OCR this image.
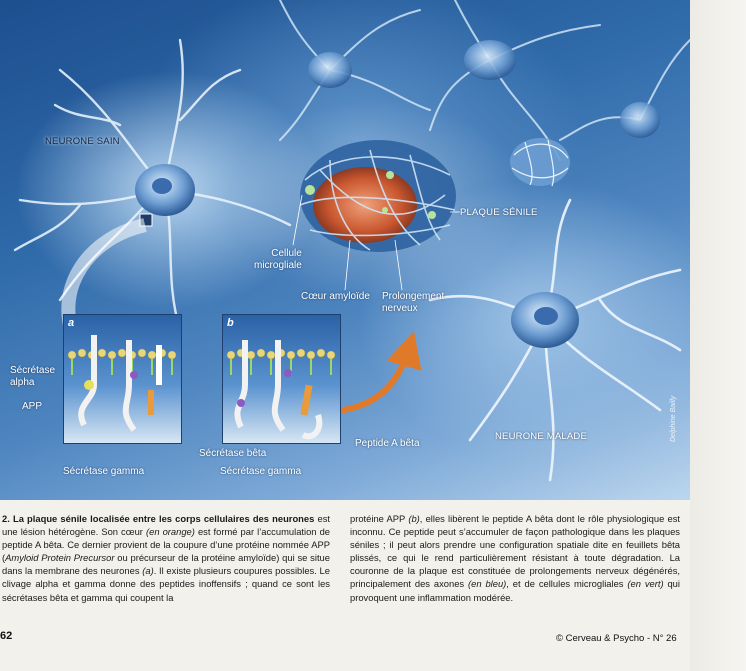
a	b
NEURONE SAIN
PLAQUE SÉNILE
Cellule
microgliale
Cœur amyloïde Prolongement
nerveux
Sécrétase
alpha
APP
Sécrétase gamma
Sécrétase bêta
Sécrétase gamma
Peptide A bêta
NEURONE MALADE	Delphine Bailly
2. La plaque sénile localisée entre les corps cellulaires des neurones est une lésion hétérogène. Son cœur (en orange) est formé par l’accumulation de peptide A bêta. Ce dernier provient de la coupure d’une protéine nommée APP (Amyloid Protein Precursor ou précurseur de la protéine amyloïde) qui se situe dans la membrane des neurones (a). Il existe plusieurs coupures possibles. Le clivage alpha et gamma donne des peptides inoffensifs ; quand ce sont les sécrétases bêta et gamma qui coupent la
protéine APP (b), elles libèrent le peptide A bêta dont le rôle physiologique est inconnu. Ce peptide peut s’accumuler de façon pathologique dans les plaques séniles ; il peut alors prendre une configuration spatiale dite en feuillets bêta plissés, ce qui le rend particulièrement résistant à toute dégradation. La couronne de la plaque est constituée de prolongements nerveux dégénérés, principalement des axones (en bleu), et de cellules microgliales (en vert) qui provoquent une inflammation modérée.
62	© Cerveau & Psycho - N° 26
